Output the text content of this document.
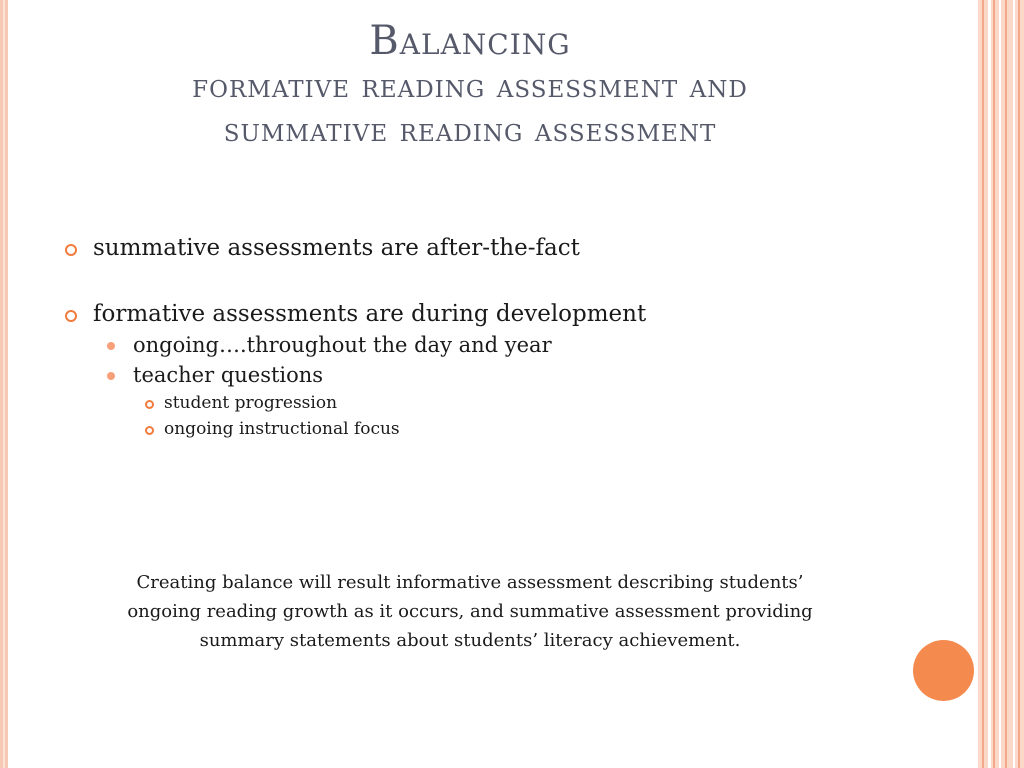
Balancing
formative reading assessment and
summative reading assessment
summative assessments are after-the-fact
formative assessments are during development
ongoing….throughout the day and year
teacher questions
student progression
ongoing instructional focus
Creating balance will result informative assessment describing students’ ongoing reading growth as it occurs, and summative assessment providing summary statements about students’ literacy achievement.
